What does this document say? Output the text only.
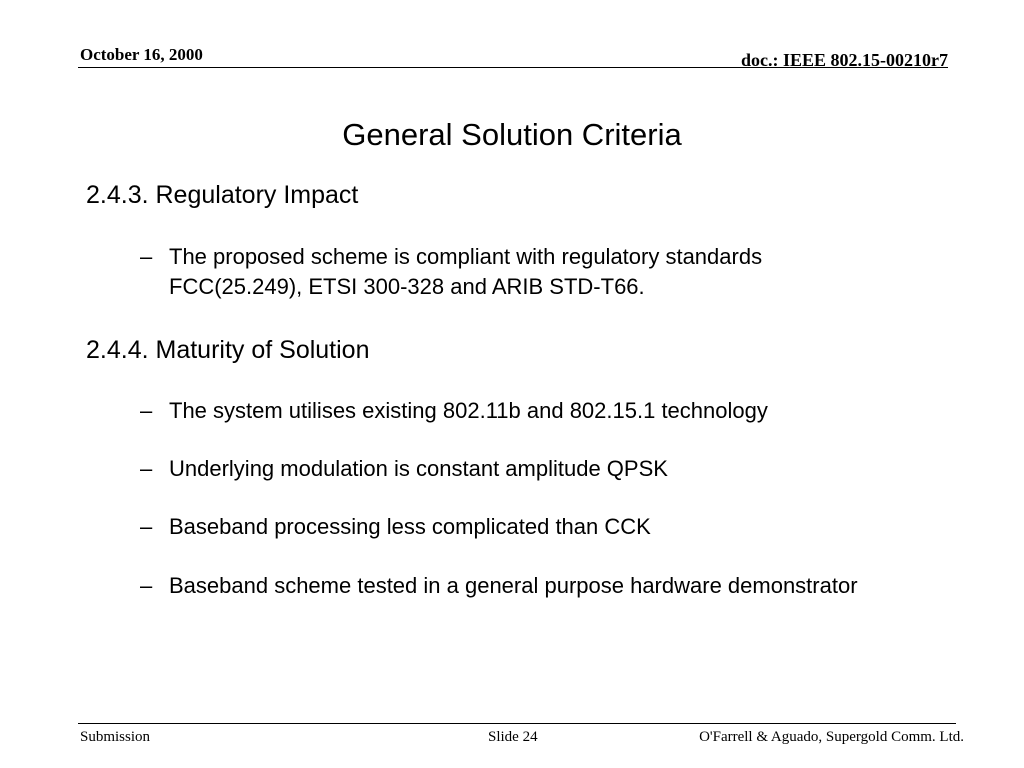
October 16, 2000	doc.: IEEE 802.15-00210r7
General Solution Criteria
2.4.3. Regulatory Impact
– The proposed scheme is compliant with regulatory standards FCC(25.249), ETSI 300-328 and ARIB STD-T66.
2.4.4. Maturity of Solution
– The system utilises existing 802.11b and 802.15.1 technology
– Underlying modulation is constant amplitude QPSK
– Baseband processing less complicated than CCK
– Baseband scheme tested in a general purpose hardware demonstrator
Submission	Slide 24	O'Farrell & Aguado, Supergold Comm. Ltd.
